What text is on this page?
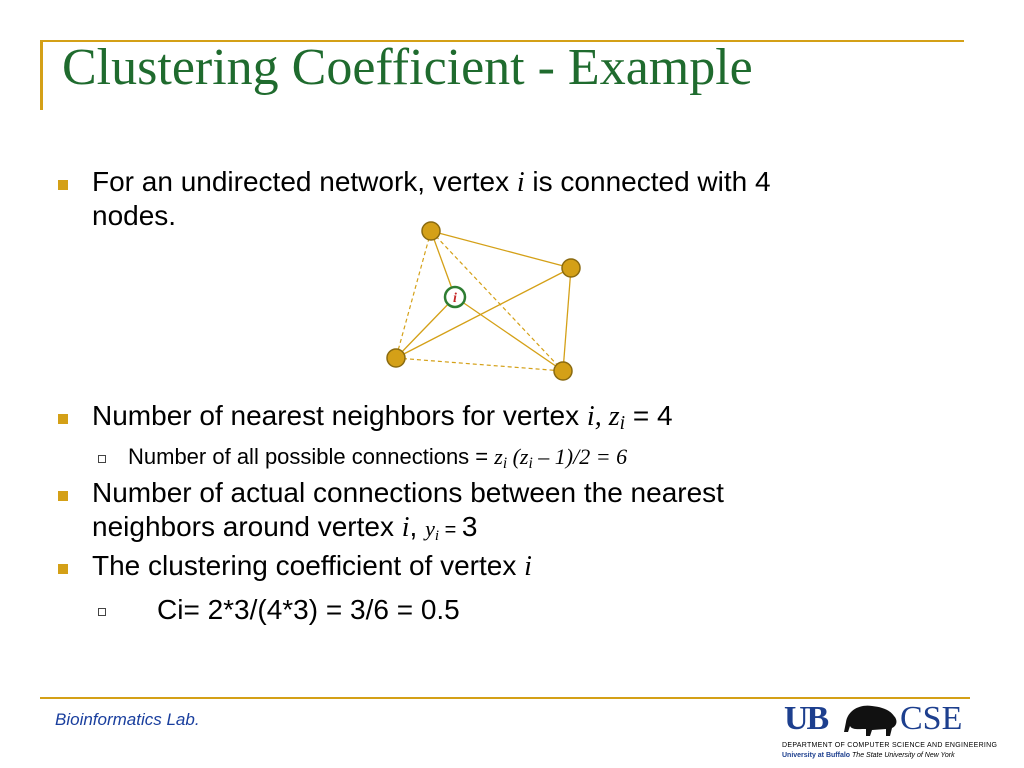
Clustering Coefficient - Example
For an undirected network, vertex i is connected with 4
nodes.
i
Number of nearest neighbors for vertex i, $z_i = 4$
Number of all possible connections = $z_i$ $(z_i - 1)/2 = 6$
Number of actual connections between the nearest
neighbors around vertex i, $y_i = 3$
The clustering coefficient of vertex i
Ci= 2*3/(4*3) = 3/6 = 0.5
Bioinformatics Lab.	UB CSE
DEPARTMENT OF COMPUTER SCIENCE AND ENGINEERING
University at Buffalo The State University of New York
